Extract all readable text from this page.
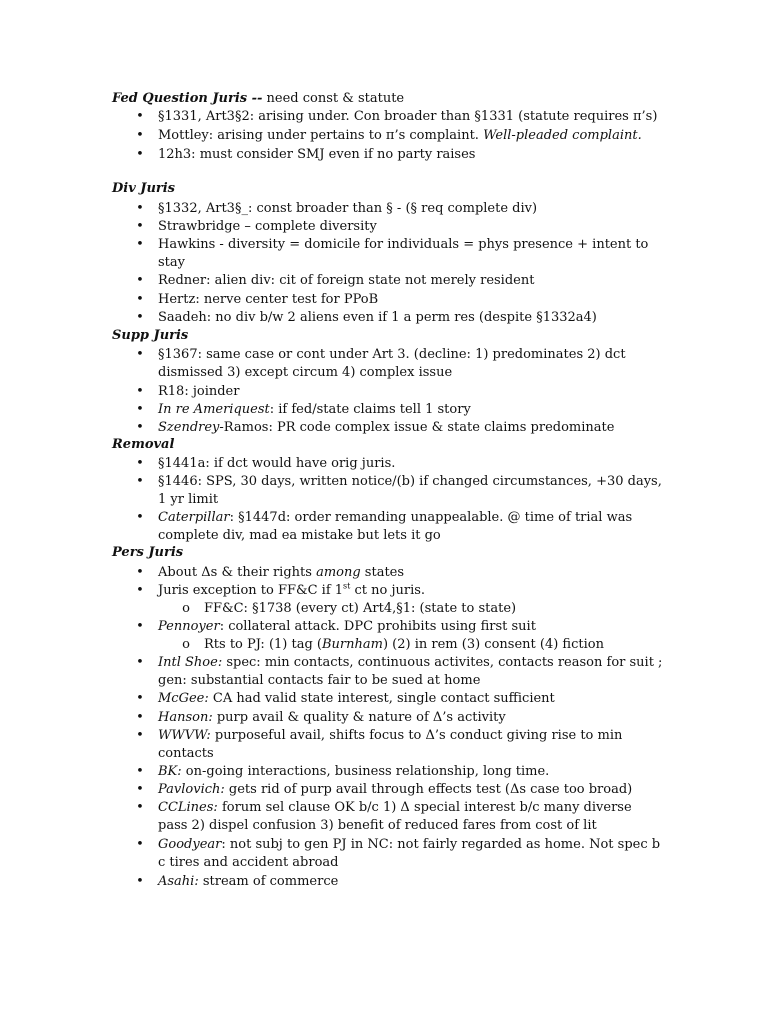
Fed Question Juris -- need const & statute
• §1331, Art3§2: arising under. Con broader than §1331 (statute requires π’s)
• Mottley: arising under pertains to π’s complaint. Well-pleaded complaint.
• 12h3: must consider SMJ even if no party raises
Div Juris
• §1332, Art3§_: const broader than § - (§ req complete div)
• Strawbridge – complete diversity
• Hawkins - diversity = domicile for individuals = phys presence + intent to stay
• Redner: alien div: cit of foreign state not merely resident
• Hertz: nerve center test for PPoB
• Saadeh: no div b/w 2 aliens even if 1 a perm res (despite §1332a4)
Supp Juris
• §1367: same case or cont under Art 3. (decline: 1) predominates 2) dct dismissed 3) except circum 4) complex issue
• R18: joinder
• In re Ameriquest: if fed/state claims tell 1 story
• Szendrey-Ramos: PR code complex issue & state claims predominate
Removal
• §1441a: if dct would have orig juris.
• §1446: SPS, 30 days, written notice/(b) if changed circumstances, +30 days, 1 yr limit
• Caterpillar: §1447d: order remanding unappealable. @ time of trial was complete div, mad ea mistake but lets it go
Pers Juris
• About Δs & their rights among states
• Juris exception to FF&C if 1st ct no juris.
o FF&C: §1738 (every ct) Art4,§1: (state to state)
• Pennoyer: collateral attack. DPC prohibits using first suit
o Rts to PJ: (1) tag (Burnham) (2) in rem (3) consent (4) fiction
• Intl Shoe: spec: min contacts, continuous activites, contacts reason for suit ; gen: substantial contacts fair to be sued at home
• McGee: CA had valid state interest, single contact sufficient
• Hanson: purp avail & quality & nature of Δ’s activity
• WWVW: purposeful avail, shifts focus to Δ’s conduct giving rise to min contacts
• BK: on-going interactions, business relationship, long time.
• Pavlovich: gets rid of purp avail through effects test (Δs case too broad)
• CCLines: forum sel clause OK b/c 1) Δ special interest b/c many diverse pass 2) dispel confusion 3) benefit of reduced fares from cost of lit
• Goodyear: not subj to gen PJ in NC: not fairly regarded as home. Not spec b c tires and accident abroad
• Asahi: stream of commerce
